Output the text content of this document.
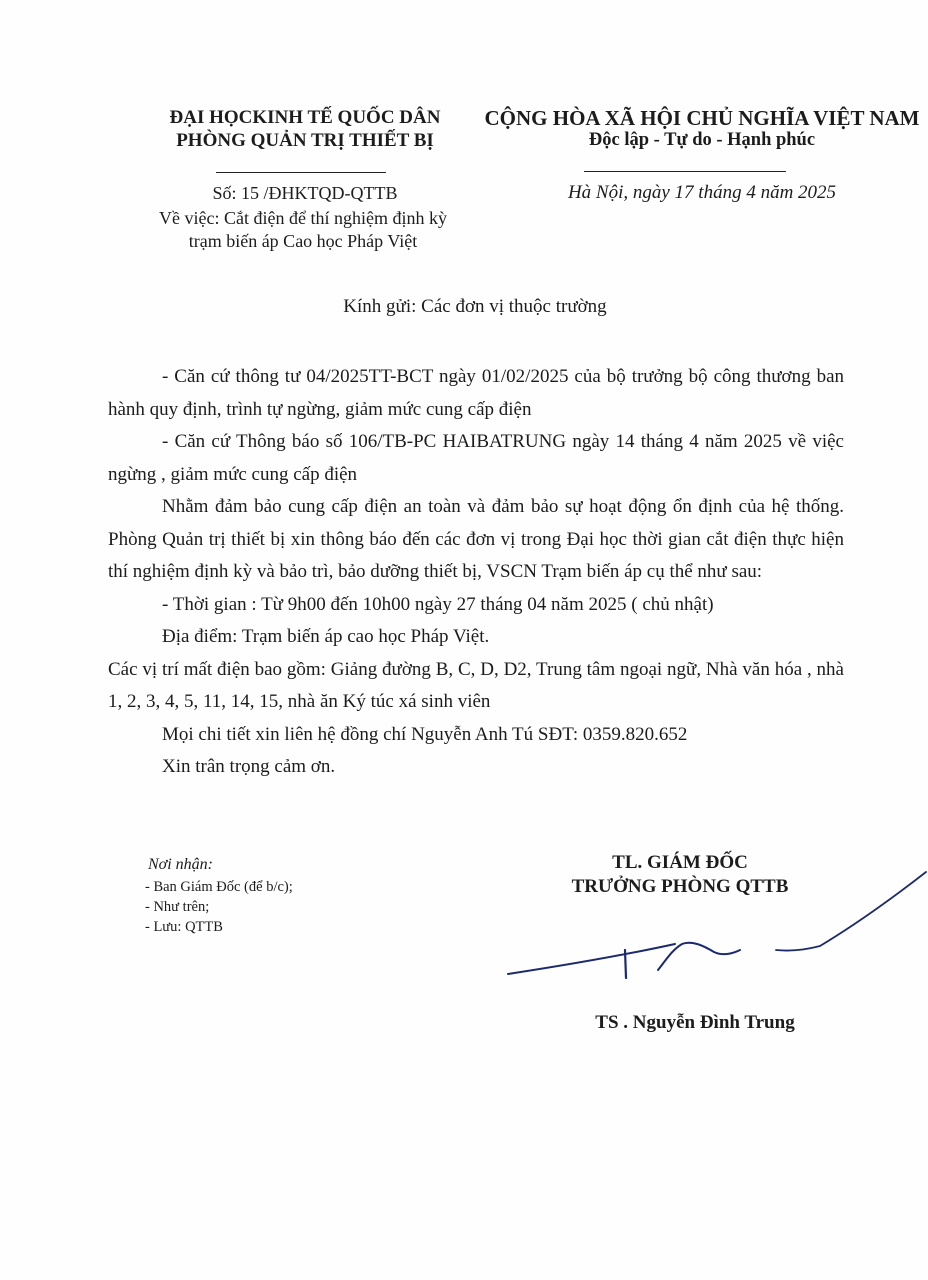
ĐẠI HỌCKINH TẾ QUỐC DÂN
PHÒNG QUẢN TRỊ THIẾT BỊ
Số: 15 /ĐHKTQD-QTTB
Về việc: Cắt điện để thí nghiệm định kỳ
trạm biến áp Cao học Pháp Việt
CỘNG HÒA XÃ HỘI CHỦ NGHĨA VIỆT NAM
Độc lập - Tự do - Hạnh phúc
Hà Nội, ngày 17 tháng 4 năm 2025
Kính gửi: Các đơn vị thuộc trường

- Căn cứ thông tư 04/2025TT-BCT ngày 01/02/2025 của bộ trưởng bộ công thương ban hành quy định, trình tự ngừng, giảm mức cung cấp điện

- Căn cứ Thông báo số 106/TB-PC HAIBATRUNG ngày 14 tháng 4 năm 2025 về việc ngừng , giảm mức cung cấp điện

Nhằm đảm bảo cung cấp điện an toàn và đảm bảo sự hoạt động ổn định của hệ thống. Phòng Quản trị thiết bị xin thông báo đến các đơn vị trong Đại học thời gian cắt điện thực hiện thí nghiệm định kỳ và bảo trì, bảo dưỡng thiết bị, VSCN Trạm biến áp cụ thể như sau:

- Thời gian : Từ 9h00 đến 10h00 ngày 27 tháng 04 năm 2025 ( chủ nhật)

Địa điểm: Trạm biến áp cao học Pháp Việt.

Các vị trí mất điện bao gồm: Giảng đường B, C, D, D2, Trung tâm ngoại ngữ, Nhà văn hóa , nhà 1, 2, 3, 4, 5, 11, 14, 15, nhà ăn Ký túc xá sinh viên

Mọi chi tiết xin liên hệ đồng chí Nguyễn Anh Tú SĐT: 0359.820.652

Xin trân trọng cảm ơn.

Nơi nhận:
- Ban Giám Đốc (để b/c);
- Như trên;
- Lưu: QTTB
TL. GIÁM ĐỐC
TRƯỞNG PHÒNG QTTB
TS . Nguyễn Đình Trung
